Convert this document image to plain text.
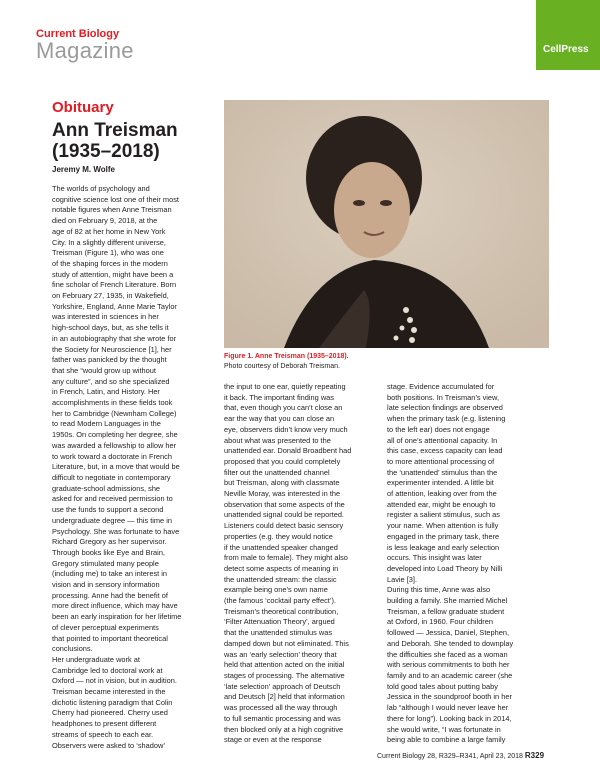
Current Biology
Magazine	CellPress
Obituary
Ann Treisman
(1935–2018)
Jeremy M. Wolfe
Figure 1. Anne Treisman (1935–2018).
Photo courtesy of Deborah Treisman.

The worlds of psychology and

cognitive science lost one of their most

notable figures when Anne Treisman

died on February 9, 2018, at the

age of 82 at her home in New York

City. In a slightly different universe,

Treisman (Figure 1), who was one

of the shaping forces in the modern

study of attention, might have been a

fine scholar of French Literature. Born

on February 27, 1935, in Wakefield,

Yorkshire, England, Anne Marie Taylor

was interested in sciences in her

high-school days, but, as she tells it

in an autobiography that she wrote for

the Society for Neuroscience [1], her

father was panicked by the thought

that she “would grow up without

any culture”, and so she specialized

in French, Latin, and History. Her

accomplishments in these fields took

her to Cambridge (Newnham College)

to read Modern Languages in the

1950s. On completing her degree, she

was awarded a fellowship to allow her

to work toward a doctorate in French

Literature, but, in a move that would be

difficult to negotiate in contemporary

graduate-school admissions, she

asked for and received permission to

use the funds to support a second

undergraduate degree — this time in

Psychology. She was fortunate to have

Richard Gregory as her supervisor.

Through books like Eye and Brain,

Gregory stimulated many people

(including me) to take an interest in

vision and in sensory information

processing. Anne had the benefit of

more direct influence, which may have

been an early inspiration for her lifetime

of clever perceptual experiments

that pointed to important theoretical

conclusions.

Her undergraduate work at

Cambridge led to doctoral work at

Oxford — not in vision, but in audition.

Treisman became interested in the

dichotic listening paradigm that Colin

Cherry had pioneered. Cherry used

headphones to present different

streams of speech to each ear.

Observers were asked to ‘shadow’

the input to one ear, quietly repeating

it back. The important finding was

that, even though you can’t close an

ear the way that you can close an

eye, observers didn’t know very much

about what was presented to the

unattended ear. Donald Broadbent had

proposed that you could completely

filter out the unattended channel

but Treisman, along with classmate

Neville Moray, was interested in the

observation that some aspects of the

unattended signal could be reported.

Listeners could detect basic sensory

properties (e.g. they would notice

if the unattended speaker changed

from male to female). They might also

detect some aspects of meaning in

the unattended stream: the classic

example being one’s own name

(the famous ‘cocktail party effect’).

Treisman’s theoretical contribution,

‘Filter Attenuation Theory’, argued

that the unattended stimulus was

damped down but not eliminated. This

was an ‘early selection’ theory that

held that attention acted on the initial

stages of processing. The alternative

‘late selection’ approach of Deutsch

and Deutsch [2] held that information

was processed all the way through

to full semantic processing and was

then blocked only at a high cognitive

stage or even at the response

stage. Evidence accumulated for

both positions. In Treisman’s view,

late selection findings are observed

when the primary task (e.g. listening

to the left ear) does not engage

all of one’s attentional capacity. In

this case, excess capacity can lead

to more attentional processing of

the ‘unattended’ stimulus than the

experimenter intended. A little bit

of attention, leaking over from the

attended ear, might be enough to

register a salient stimulus, such as

your name. When attention is fully

engaged in the primary task, there

is less leakage and early selection

occurs. This insight was later

developed into Load Theory by Nilli

Lavie [3].

During this time, Anne was also

building a family. She married Michel

Treisman, a fellow graduate student

at Oxford, in 1960. Four children

followed — Jessica, Daniel, Stephen,

and Deborah. She tended to downplay

the difficulties she faced as a woman

with serious commitments to both her

family and to an academic career (she

told good tales about putting baby

Jessica in the soundproof booth in her

lab “although I would never leave her

there for long”). Looking back in 2014,

she would write, “I was fortunate in

being able to combine a large family

Current Biology 28, R329–R341, April 23, 2018 R329
